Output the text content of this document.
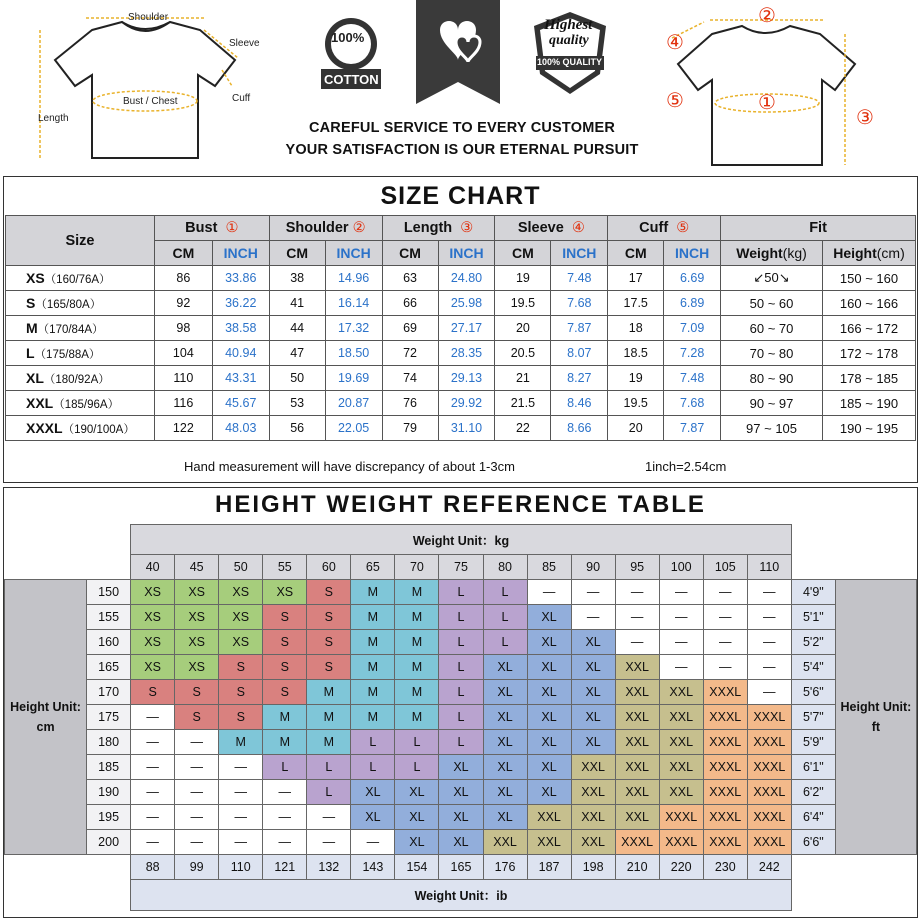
Shoulder
Sleeve
Cuff
Bust / Chest
Length
100%
COTTON
Highest
quality
100% QUALITY
CAREFUL SERVICE TO EVERY CUSTOMER
YOUR SATISFACTION IS OUR ETERNAL PURSUIT
②
④
⑤	①
③
SIZE CHART
Size	Bust ①		Shoulder ②		Length ③		Sleeve ④		Cuff ⑤		Fit	
	CM	INCH	CM	INCH	CM	INCH	CM	INCH	CM	INCH	Weight(kg)	Height(cm)
XS（160/76A）	86	33.86	38	14.96	63	24.80	19	7.48	17	6.69	↙50↘	150 ~ 160
S（165/80A）	92	36.22	41	16.14	66	25.98	19.5	7.68	17.5	6.89	50 ~ 60	160 ~ 166
M（170/84A）	98	38.58	44	17.32	69	27.17	20	7.87	18	7.09	60 ~ 70	166 ~ 172
L（175/88A）	104	40.94	47	18.50	72	28.35	20.5	8.07	18.5	7.28	70 ~ 80	172 ~ 178
XL（180/92A）	110	43.31	50	19.69	74	29.13	21	8.27	19	7.48	80 ~ 90	178 ~ 185
XXL（185/96A）	116	45.67	53	20.87	76	29.92	21.5	8.46	19.5	7.68	90 ~ 97	185 ~ 190
XXXL（190/100A）	122	48.03	56	22.05	79	31.10	22	8.66	20	7.87	97 ~ 105	190 ~ 195
Hand measurement will have discrepancy of about 1-3cm	1inch=2.54cm
HEIGHT WEIGHT REFERENCE TABLE
		Weight Unit：kg																
		40	45	50	55	60	65	70	75	80	85	90	95	100	105	110		
Height Unit: cm	150	XS	XS	XS	XS	S	M	M	L	L	—	—	—	—	—	—	4'9"	Height Unit: ft
	155	XS	XS	XS	S	S	M	M	L	L	XL	—	—	—	—	—	5'1"	
	160	XS	XS	XS	S	S	M	M	L	L	XL	XL	—	—	—	—	5'2"	
	165	XS	XS	S	S	S	M	M	L	XL	XL	XL	XXL	—	—	—	5'4"	
	170	S	S	S	S	M	M	M	L	XL	XL	XL	XXL	XXL	XXXL	—	5'6"	
	175	—	S	S	M	M	M	M	L	XL	XL	XL	XXL	XXL	XXXL	XXXL	5'7"	
	180	—	—	M	M	M	L	L	L	XL	XL	XL	XXL	XXL	XXXL	XXXL	5'9"	
	185	—	—	—	L	L	L	L	XL	XL	XL	XXL	XXL	XXL	XXXL	XXXL	6'1"	
	190	—	—	—	—	L	XL	XL	XL	XL	XL	XXL	XXL	XXL	XXXL	XXXL	6'2"	
	195	—	—	—	—	—	XL	XL	XL	XL	XXL	XXL	XXL	XXXL	XXXL	XXXL	6'4"	
	200	—	—	—	—	—	—	XL	XL	XXL	XXL	XXL	XXXL	XXXL	XXXL	XXXL	6'6"	
		88	99	110	121	132	143	154	165	176	187	198	210	220	230	242		
		Weight Unit：ib																
